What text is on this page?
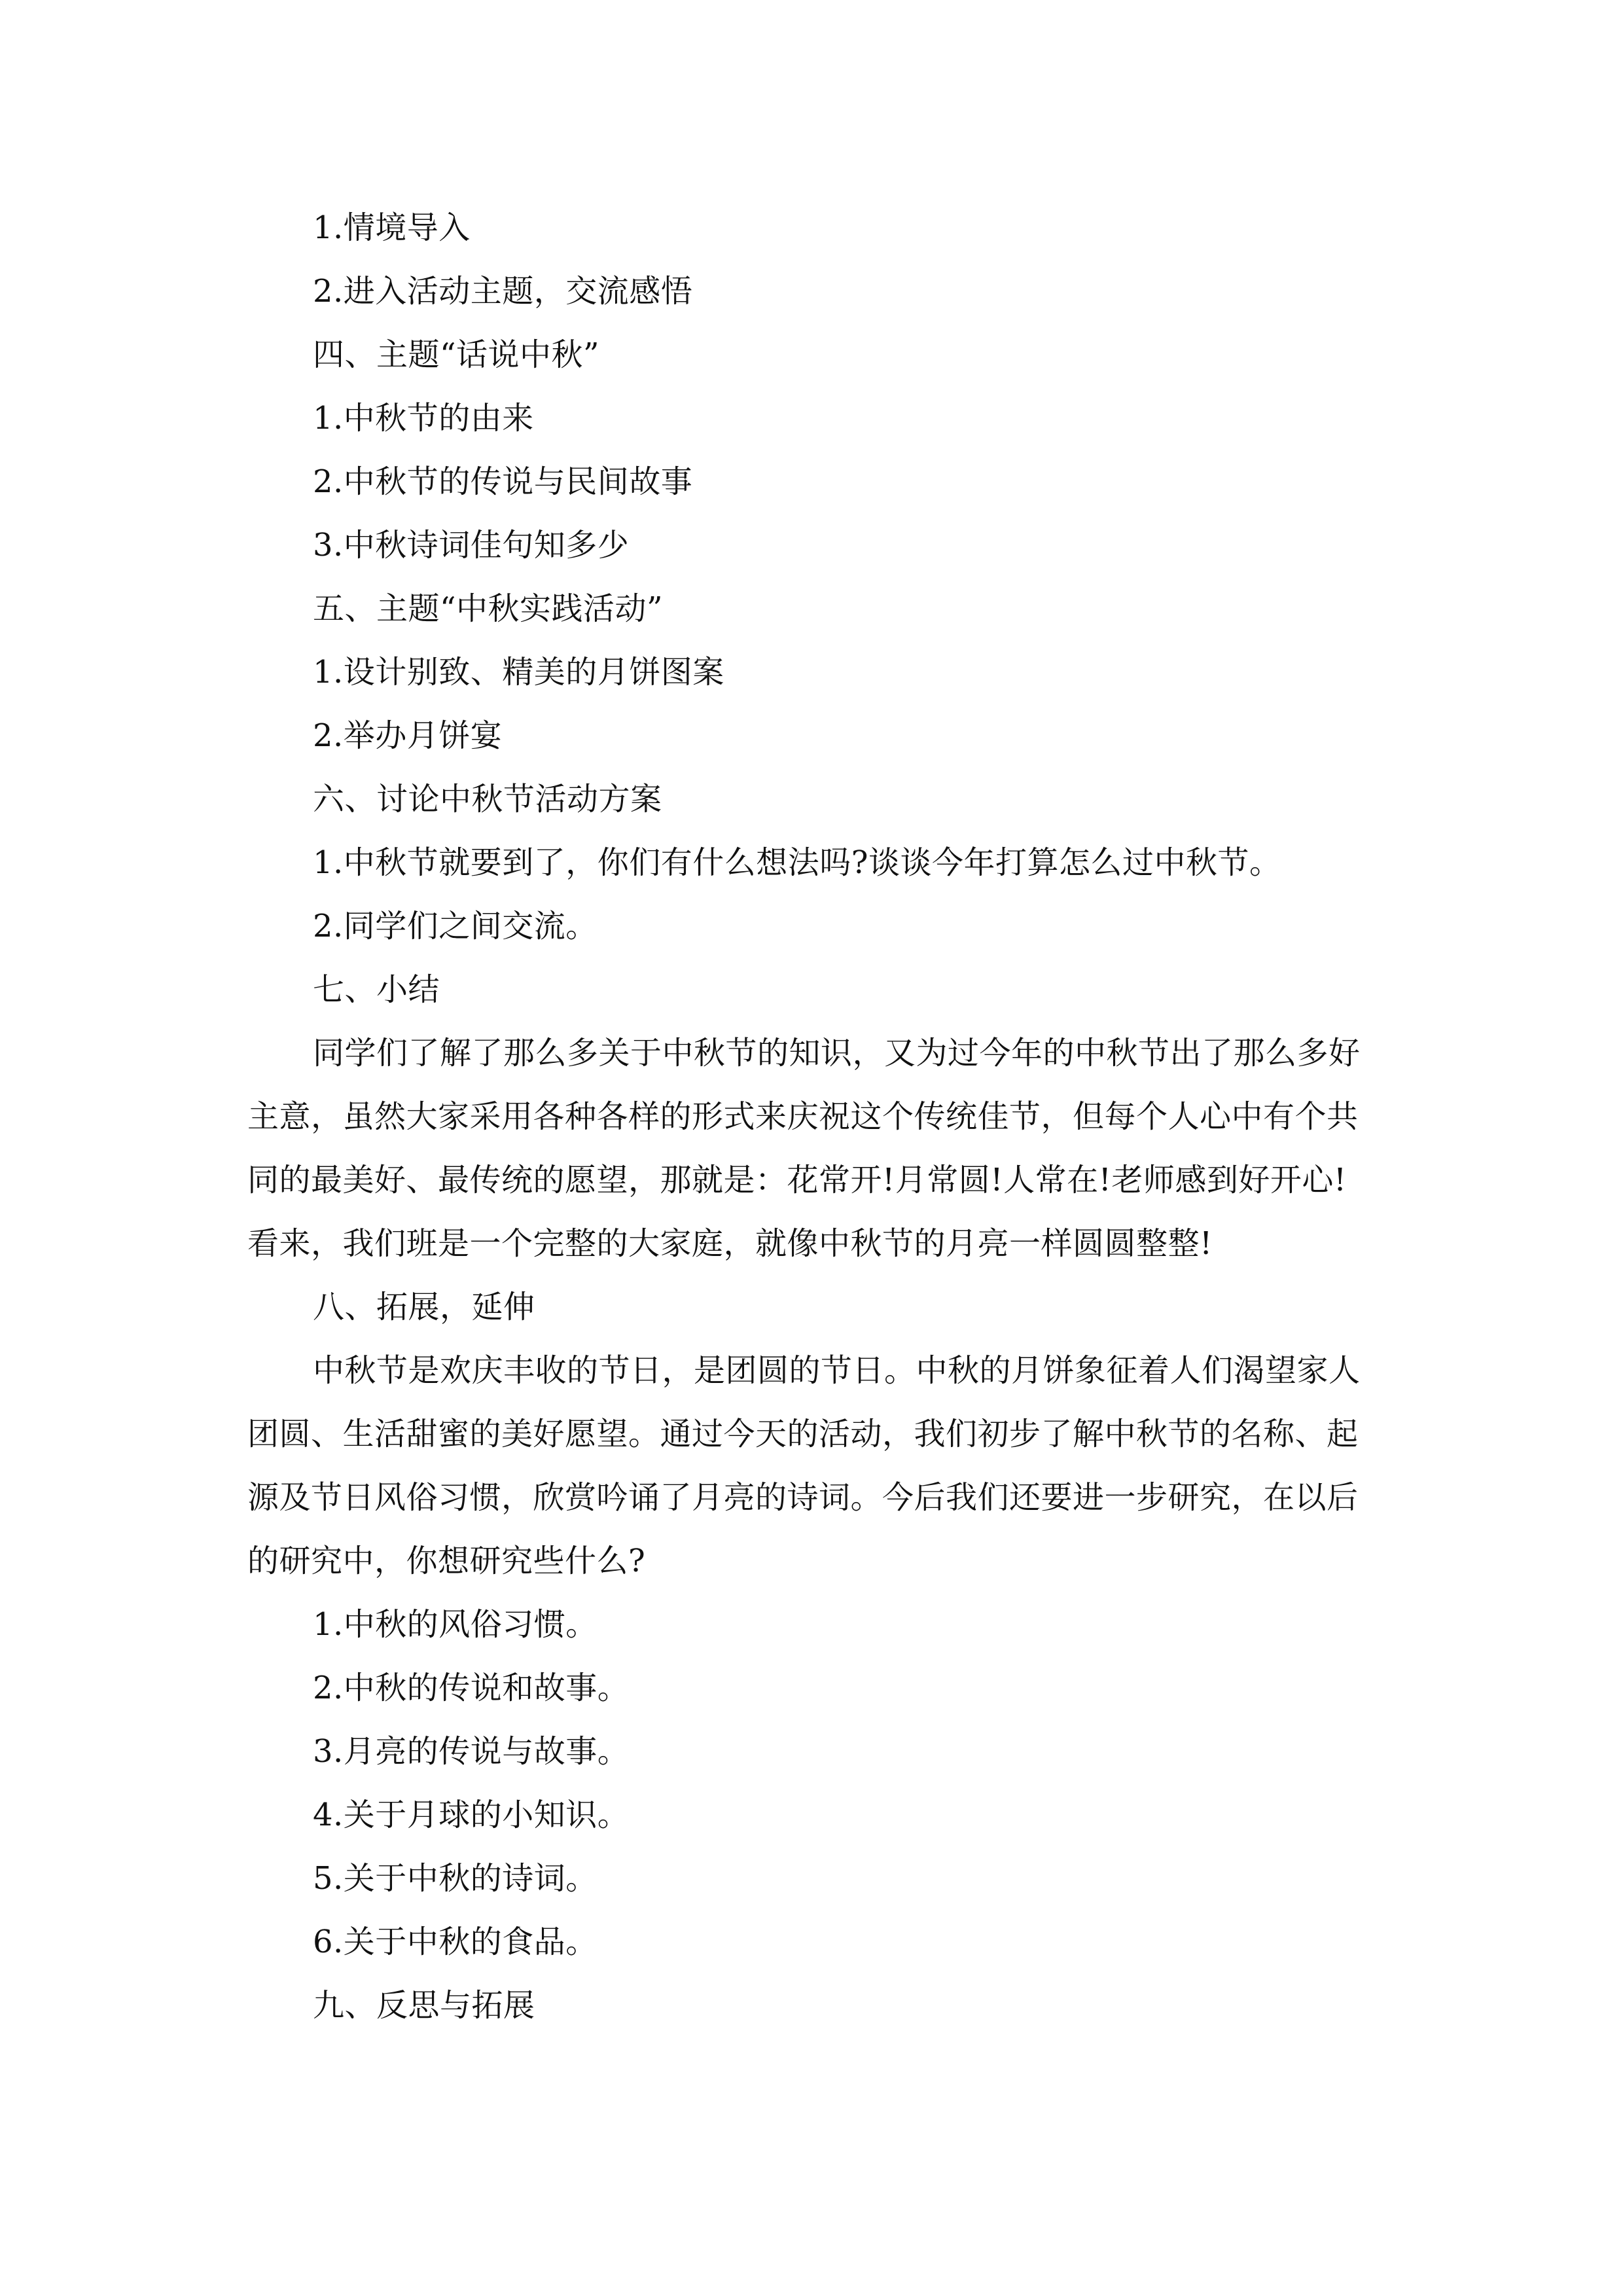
1.情境导入
2.进入活动主题，交流感悟
四、主题“话说中秋”
1.中秋节的由来
2.中秋节的传说与民间故事
3.中秋诗词佳句知多少
五、主题“中秋实践活动”
1.设计别致、精美的月饼图案
2.举办月饼宴
六、讨论中秋节活动方案
1.中秋节就要到了，你们有什么想法吗?谈谈今年打算怎么过中秋节。
2.同学们之间交流。
七、小结
同学们了解了那么多关于中秋节的知识，又为过今年的中秋节出了那么多好
主意，虽然大家采用各种各样的形式来庆祝这个传统佳节，但每个人心中有个共
同的最美好、最传统的愿望，那就是：花常开!月常圆!人常在!老师感到好开心!
看来，我们班是一个完整的大家庭，就像中秋节的月亮一样圆圆整整!
八、拓展，延伸
中秋节是欢庆丰收的节日，是团圆的节日。中秋的月饼象征着人们渴望家人
团圆、生活甜蜜的美好愿望。通过今天的活动，我们初步了解中秋节的名称、起
源及节日风俗习惯，欣赏吟诵了月亮的诗词。今后我们还要进一步研究，在以后
的研究中，你想研究些什么?
1.中秋的风俗习惯。
2.中秋的传说和故事。
3.月亮的传说与故事。
4.关于月球的小知识。
5.关于中秋的诗词。
6.关于中秋的食品。
九、反思与拓展
